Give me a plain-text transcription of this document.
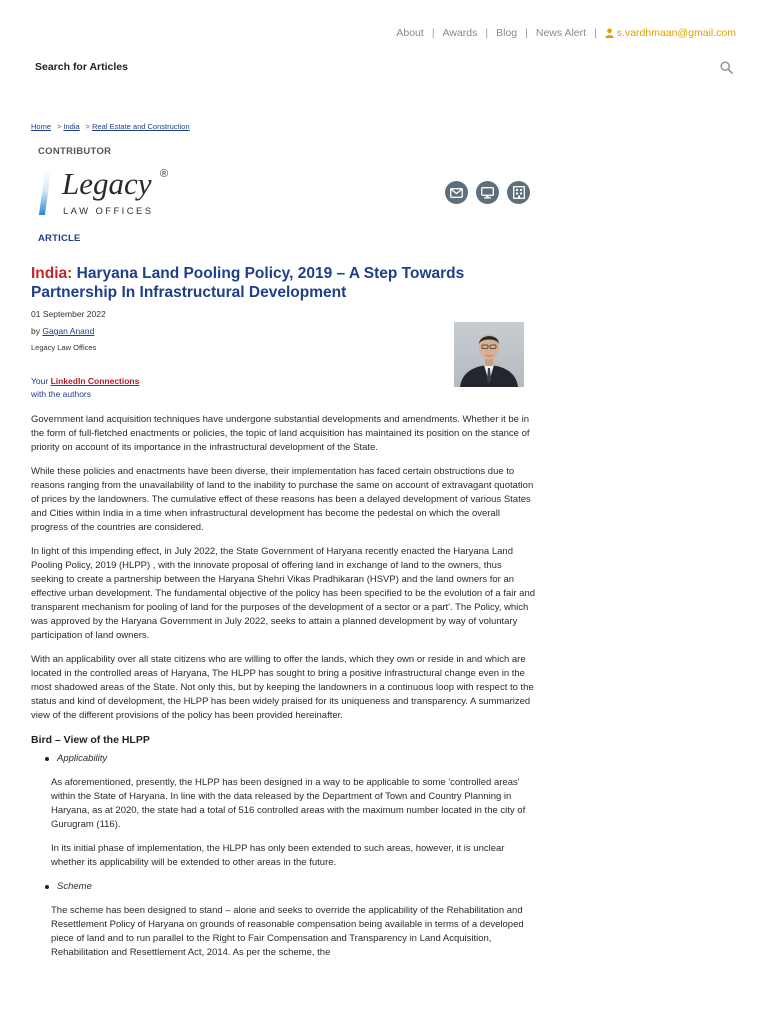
About | Awards | Blog | News Alert | s.vardhmaan@gmail.com
Search for Articles
Home > India > Real Estate and Construction
CONTRIBUTOR
Legacy ®
LAW OFFICES
ARTICLE
India: Haryana Land Pooling Policy, 2019 – A Step Towards Partnership In Infrastructural Development
01 September 2022
by Gagan Anand
Legacy Law Offices
Your LinkedIn Connections
with the authors

Government land acquisition techniques have undergone substantial developments and amendments. Whether it be in the form of full-fletched enactments or policies, the topic of land acquisition has maintained its position on the stance of priority on account of its importance in the infrastructural development of the State.

While these policies and enactments have been diverse, their implementation has faced certain obstructions due to reasons ranging from the unavailability of land to the inability to purchase the same on account of extravagant quotation of prices by the landowners. The cumulative effect of these reasons has been a delayed development of various States and Cities within India in a time when infrastructural development has become the pedestal on which the overall progress of the countries are considered.

In light of this impending effect, in July 2022, the State Government of Haryana recently enacted the Haryana Land Pooling Policy, 2019 (HLPP) , with the innovate proposal of offering land in exchange of land to the owners, thus seeking to create a partnership between the Haryana Shehri Vikas Pradhikaran (HSVP) and the land owners for an effective urban development. The fundamental objective of the policy has been specified to be the evolution of a fair and transparent mechanism for pooling of land for the purposes of the development of a sector or a part'. The Policy, which was approved by the Haryana Government in July 2022, seeks to attain a planned development by way of voluntary participation of land owners.

With an applicability over all state citizens who are willing to offer the lands, which they own or reside in and which are located in the controlled areas of Haryana, The HLPP has sought to bring a positive infrastructural change even in the most shadowed areas of the State. Not only this, but by keeping the landowners in a continuous loop with respect to the status and kind of development, the HLPP has been widely praised for its uniqueness and transparency. A summarized view of the different provisions of the policy has been provided hereinafter.

Bird – View of the HLPP
Applicability

As aforementioned, presently, the HLPP has been designed in a way to be applicable to some 'controlled areas' within the State of Haryana. In line with the data released by the Department of Town and Country Planning in Haryana, as at 2020, the state had a total of 516 controlled areas with the maximum number located in the city of Gurugram (116).

In its initial phase of implementation, the HLPP has only been extended to such areas, however, it is unclear whether its applicability will be extended to other areas in the future.

Scheme

The scheme has been designed to stand – alone and seeks to override the applicability of the Rehabilitation and Resettlement Policy of Haryana on grounds of reasonable compensation being available in terms of a developed piece of land and to run parallel to the Right to Fair Compensation and Transparency in Land Acquisition, Rehabilitation and Resettlement Act, 2014. As per the scheme, the
